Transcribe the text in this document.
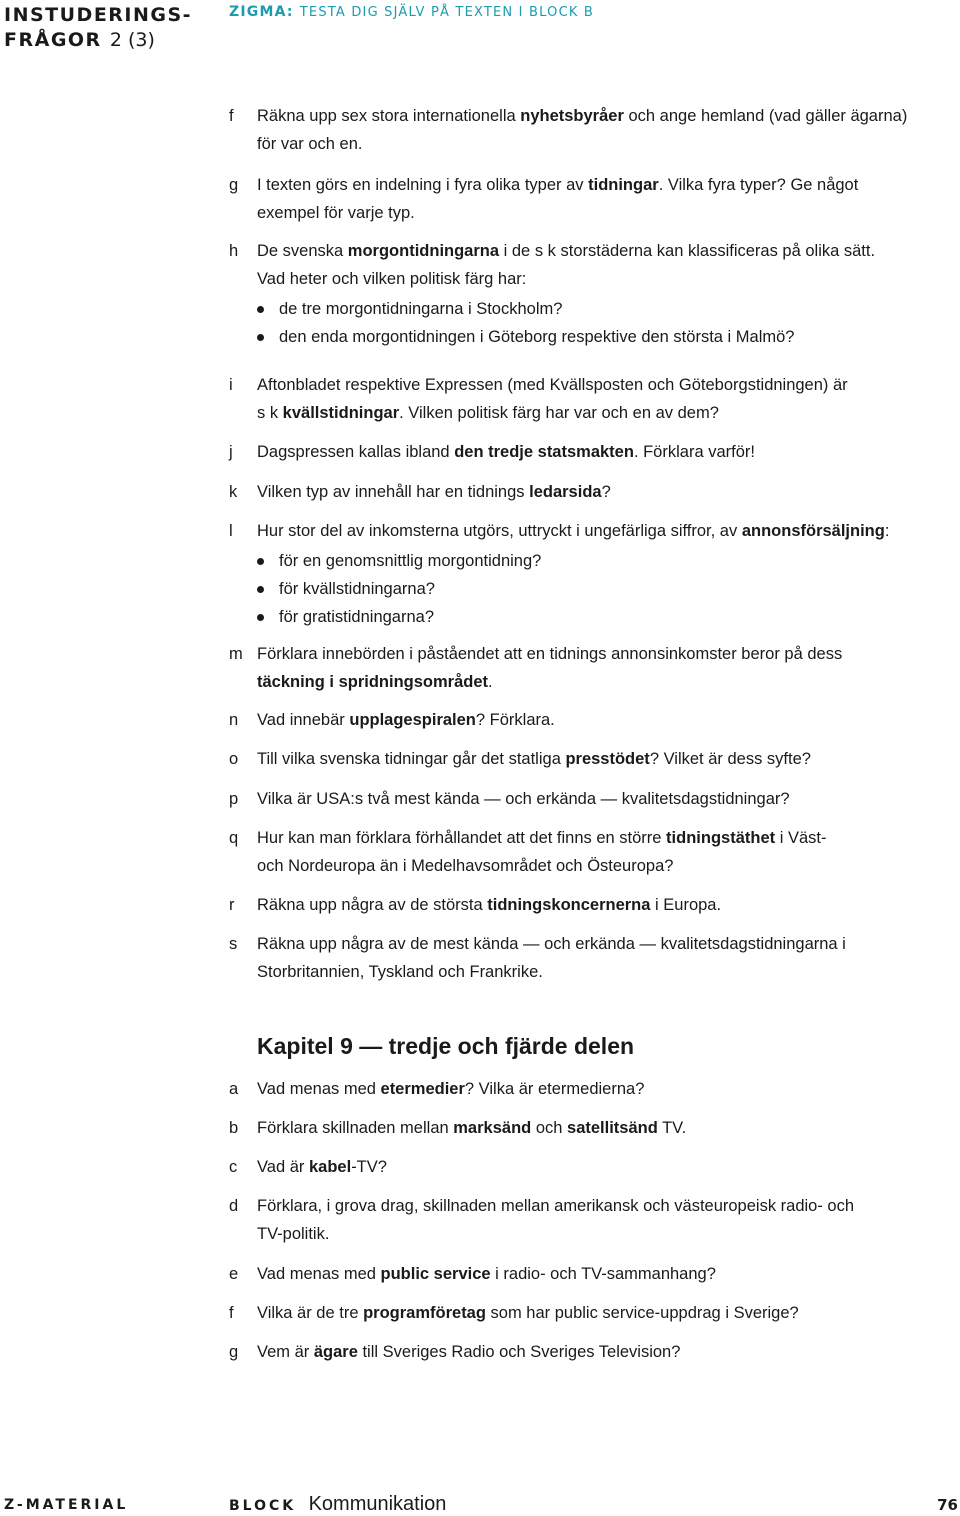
INSTUDERINGS-
FRÅGOR 2 (3)
ZIGMA: TESTA DIG SJÄLV PÅ TEXTEN I BLOCK B
f	Räkna upp sex stora internationella nyhetsbyråer och ange hemland (vad gäller ägarna)
för var och en.
g	I texten görs en indelning i fyra olika typer av tidningar. Vilka fyra typer? Ge något
exempel för varje typ.
h	De svenska morgontidningarna i de s k storstäderna kan klassificeras på olika sätt.
Vad heter och vilken politisk färg har:
de tre morgontidningarna i Stockholm?
den enda morgontidningen i Göteborg respektive den största i Malmö?
i	Aftonbladet respektive Expressen (med Kvällsposten och Göteborgstidningen) är
s k kvällstidningar. Vilken politisk färg har var och en av dem?
j	Dagspressen kallas ibland den tredje statsmakten. Förklara varför!
k	Vilken typ av innehåll har en tidnings ledarsida?
l	Hur stor del av inkomsterna utgörs, uttryckt i ungefärliga siffror, av annonsförsäljning:
för en genomsnittlig morgontidning?
för kvällstidningarna?
för gratistidningarna?
m Förklara innebörden i påståendet att en tidnings annonsinkomster beror på dess
täckning i spridningsområdet.
n	Vad innebär upplagespiralen? Förklara.
o	Till vilka svenska tidningar går det statliga presstödet? Vilket är dess syfte?
p	Vilka är USA:s två mest kända — och erkända — kvalitetsdagstidningar?
q	Hur kan man förklara förhållandet att det finns en större tidningstäthet i Väst-
och Nordeuropa än i Medelhavsområdet och Östeuropa?
r	Räkna upp några av de största tidningskoncernerna i Europa.
s	Räkna upp några av de mest kända — och erkända — kvalitetsdagstidningarna i
Storbritannien, Tyskland och Frankrike.
Kapitel 9 — tredje och fjärde delen
a	Vad menas med etermedier? Vilka är etermedierna?
b	Förklara skillnaden mellan marksänd och satellitsänd TV.
c	Vad är kabel-TV?
d	Förklara, i grova drag, skillnaden mellan amerikansk och västeuropeisk radio- och
TV-politik.
e	Vad menas med public service i radio- och TV-sammanhang?
f	Vilka är de tre programföretag som har public service-uppdrag i Sverige?
g	Vem är ägare till Sveriges Radio och Sveriges Television?
Z-MATERIAL	BLOCK Kommunikation	76
